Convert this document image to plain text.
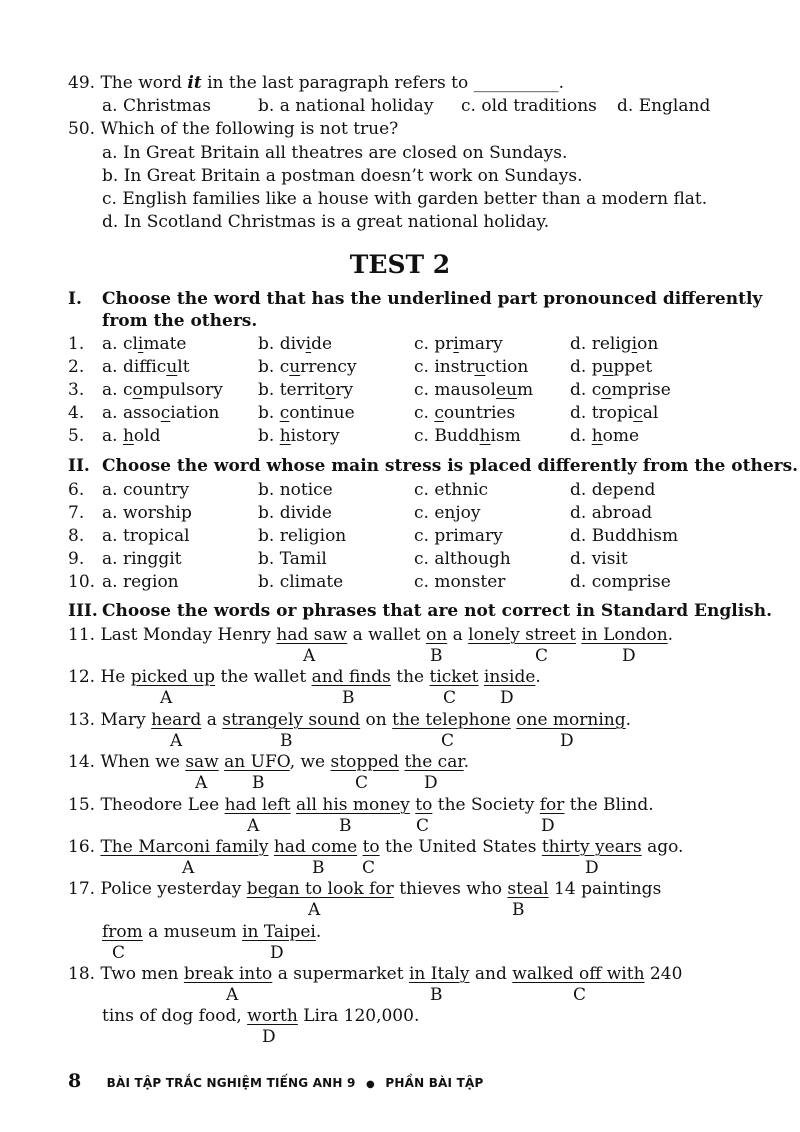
49. The word it in the last paragraph refers to __________.
a. Christmas	b. a national holiday c. old traditions d. England
50. Which of the following is not true?
a. In Great Britain all theatres are closed on Sundays.
b. In Great Britain a postman doesn’t work on Sundays.
c. English families like a house with garden better than a modern flat.
d. In Scotland Christmas is a great national holiday.
TEST 2
I. Choose the word that has the underlined part pronounced differently
from the others.
1. a. climate	b. divide	c. primary	d. religion
2. a. difficult	b. currency	c. instruction d. puppet
3. a. compulsory b. territory	c. mausoleum d. comprise
4. a. association b. continue	c. countries	d. tropical
5. a. hold	b. history	c. Buddhism	d. home
II. Choose the word whose main stress is placed differently from the others.
6. a. country	b. notice	c. ethnic	d. depend
7. a. worship	b. divide	c. enjoy	d. abroad
8. a. tropical	b. religion	c. primary	d. Buddhism
9. a. ringgit	b. Tamil	c. although	d. visit
10. a. region	b. climate	c. monster	d. comprise
III. Choose the words or phrases that are not correct in Standard English.
11. Last Monday Henry had saw a wallet on a lonely street in London.
A	B	C	D
12. He picked up the wallet and finds the ticket inside.
A	B	C	D
13. Mary heard a strangely sound on the telephone one morning.
A	B	C	D
14. When we saw an UFO, we stopped the car.
A	B	C	D
15. Theodore Lee had left all his money to the Society for the Blind.
A	B	C	D
16. The Marconi family had come to the United States thirty years ago.
A	B C	D
17. Police yesterday began to look for thieves who steal 14 paintings
A	B
from a museum in Taipei.
C	D
18. Two men break into a supermarket in Italy and walked off with 240
A	B	C
tins of dog food, worth Lira 120,000.
D
8 BÀI TẬP TRẮC NGHIỆM TIẾNG ANH 9 ● PHẦN BÀI TẬP
